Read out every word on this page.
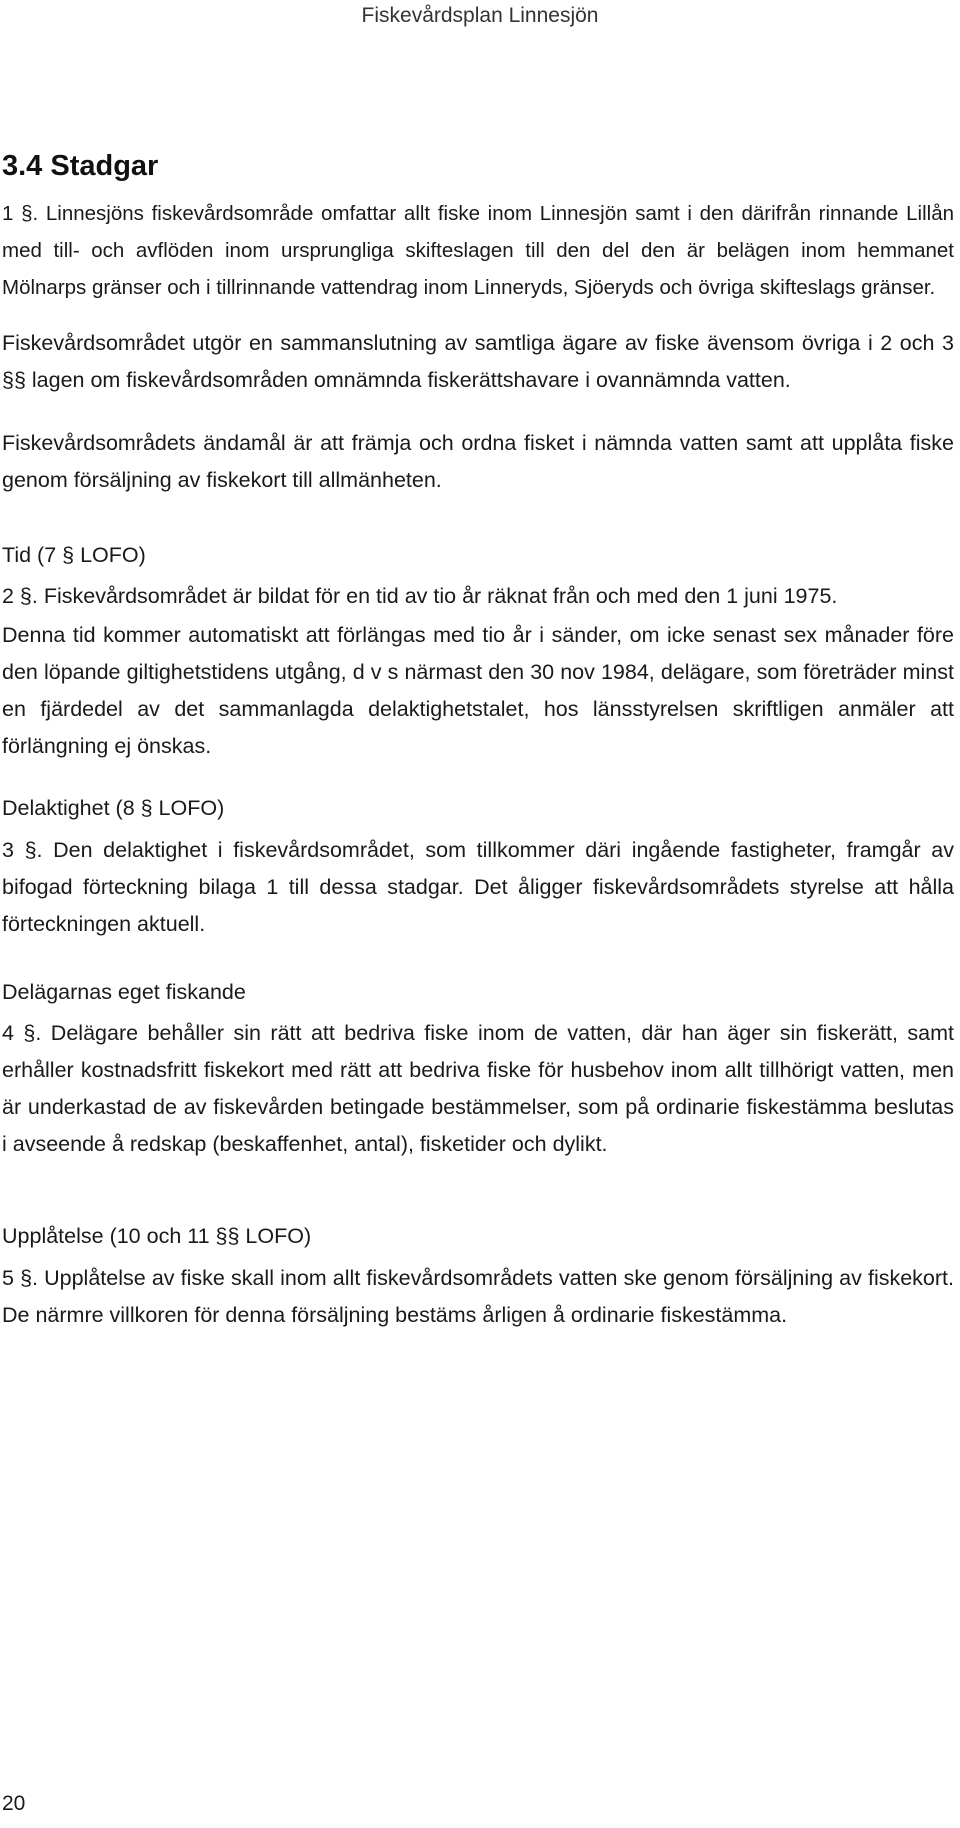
Fiskevårdsplan Linnesjön
3.4 Stadgar

1 §. Linnesjöns fiskevårdsområde omfattar allt fiske inom Linnesjön samt i den därifrån rinnande Lillån med till- och avflöden inom ursprungliga skifteslagen till den del den är belägen inom hemmanet Mölnarps gränser och i tillrinnande vattendrag inom Linneryds, Sjöeryds och övriga skifteslags gränser.

Fiskevårdsområdet utgör en sammanslutning av samtliga ägare av fiske ävensom övriga i 2 och 3 §§ lagen om fiskevårdsområden omnämnda fiskerättshavare i ovannämnda vatten.

Fiskevårdsområdets ändamål är att främja och ordna fisket i nämnda vatten samt att upplåta fiske genom försäljning av fiskekort till allmänheten.

Tid (7 § LOFO)

2 §. Fiskevårdsområdet är bildat för en tid av tio år räknat från och med den 1 juni 1975.

Denna tid kommer automatiskt att förlängas med tio år i sänder, om icke senast sex månader före den löpande giltighetstidens utgång, d v s närmast den 30 nov 1984, delägare, som företräder minst en fjärdedel av det sammanlagda delaktighetstalet, hos länsstyrelsen skriftligen anmäler att förlängning ej önskas.

Delaktighet (8 § LOFO)

3 §. Den delaktighet i fiskevårdsområdet, som tillkommer däri ingående fastigheter, framgår av bifogad förteckning bilaga 1 till dessa stadgar. Det åligger fiskevårdsområdets styrelse att hålla förteckningen aktuell.

Delägarnas eget fiskande

4 §. Delägare behåller sin rätt att bedriva fiske inom de vatten, där han äger sin fiskerätt, samt erhåller kostnadsfritt fiskekort med rätt att bedriva fiske för husbehov inom allt tillhörigt vatten, men är underkastad de av fiskevården betingade bestämmelser, som på ordinarie fiskestämma beslutas i avseende å redskap (beskaffenhet, antal), fisketider och dylikt.

Upplåtelse (10 och 11 §§ LOFO)

5 §. Upplåtelse av fiske skall inom allt fiskevårdsområdets vatten ske genom försäljning av fiskekort. De närmre villkoren för denna försäljning bestäms årligen å ordinarie fiskestämma.

20
